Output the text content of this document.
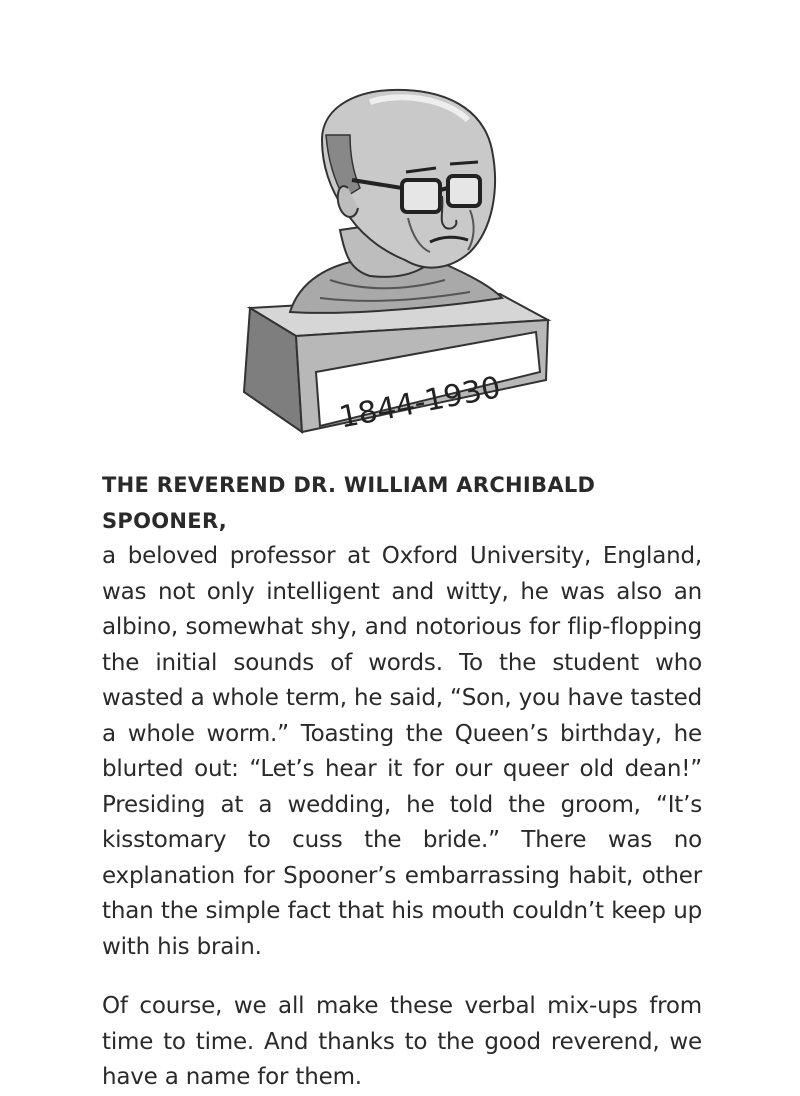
1844-1930

THE REVEREND DR. WILLIAM ARCHIBALD SPOONER,
a beloved professor at Oxford University, England, was not only intelligent and witty, he was also an albino, somewhat shy, and notorious for flip-flopping the initial sounds of words. To the student who wasted a whole term, he said, “Son, you have tasted a whole worm.” Toasting the Queen’s birthday, he blurted out: “Let’s hear it for our queer old dean!” Presiding at a wedding, he told the groom, “It’s kisstomary to cuss the bride.” There was no explanation for Spooner’s embarrassing habit, other than the simple fact that his mouth couldn’t keep up with his brain.

Of course, we all make these verbal mix-ups from time to time. And thanks to the good reverend, we have a name for them.
